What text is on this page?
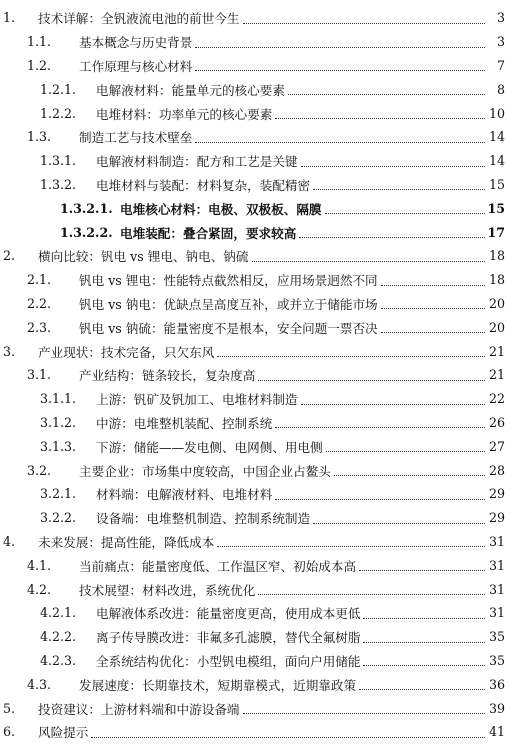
1.	技术详解：全钒液流电池的前世今生	3
1.1.	基本概念与历史背景	3
1.2.	工作原理与核心材料	7
1.2.1.	电解液材料：能量单元的核心要素	8
1.2.2.	电堆材料：功率单元的核心要素	10
1.3.	制造工艺与技术壁垒	14
1.3.1.	电解液材料制造：配方和工艺是关键	14
1.3.2.	电堆材料与装配：材料复杂，装配精密	15
1.3.2.1. 电堆核心材料：电极、双极板、隔膜	15
1.3.2.2. 电堆装配：叠合紧固，要求较高	17
2.	横向比较：钒电 vs 锂电、钠电、钠硫	18
2.1.	钒电 vs 锂电：性能特点截然相反，应用场景迥然不同	18
2.2.	钒电 vs 钠电：优缺点呈高度互补，或并立于储能市场	20
2.3.	钒电 vs 钠硫：能量密度不是根本，安全问题一票否决	20
3.	产业现状：技术完备，只欠东风	21
3.1.	产业结构：链条较长，复杂度高	21
3.1.1.	上游：钒矿及钒加工、电堆材料制造	22
3.1.2.	中游：电堆整机装配、控制系统	26
3.1.3.	下游：储能——发电侧、电网侧、用电侧	27
3.2.	主要企业：市场集中度较高，中国企业占鳌头	28
3.2.1.	材料端：电解液材料、电堆材料	29
3.2.2.	设备端：电堆整机制造、控制系统制造	29
4.	未来发展：提高性能，降低成本	31
4.1.	当前痛点：能量密度低、工作温区窄、初始成本高	31
4.2.	技术展望：材料改进，系统优化	31
4.2.1.	电解液体系改进：能量密度更高，使用成本更低	31
4.2.2.	离子传导膜改进：非氟多孔滤膜，替代全氟树脂	35
4.2.3.	全系统结构优化：小型钒电模组，面向户用储能	35
4.3.	发展速度：长期靠技术，短期靠模式，近期靠政策	36
5.	投资建议：上游材料端和中游设备端	39
6.	风险提示	41
